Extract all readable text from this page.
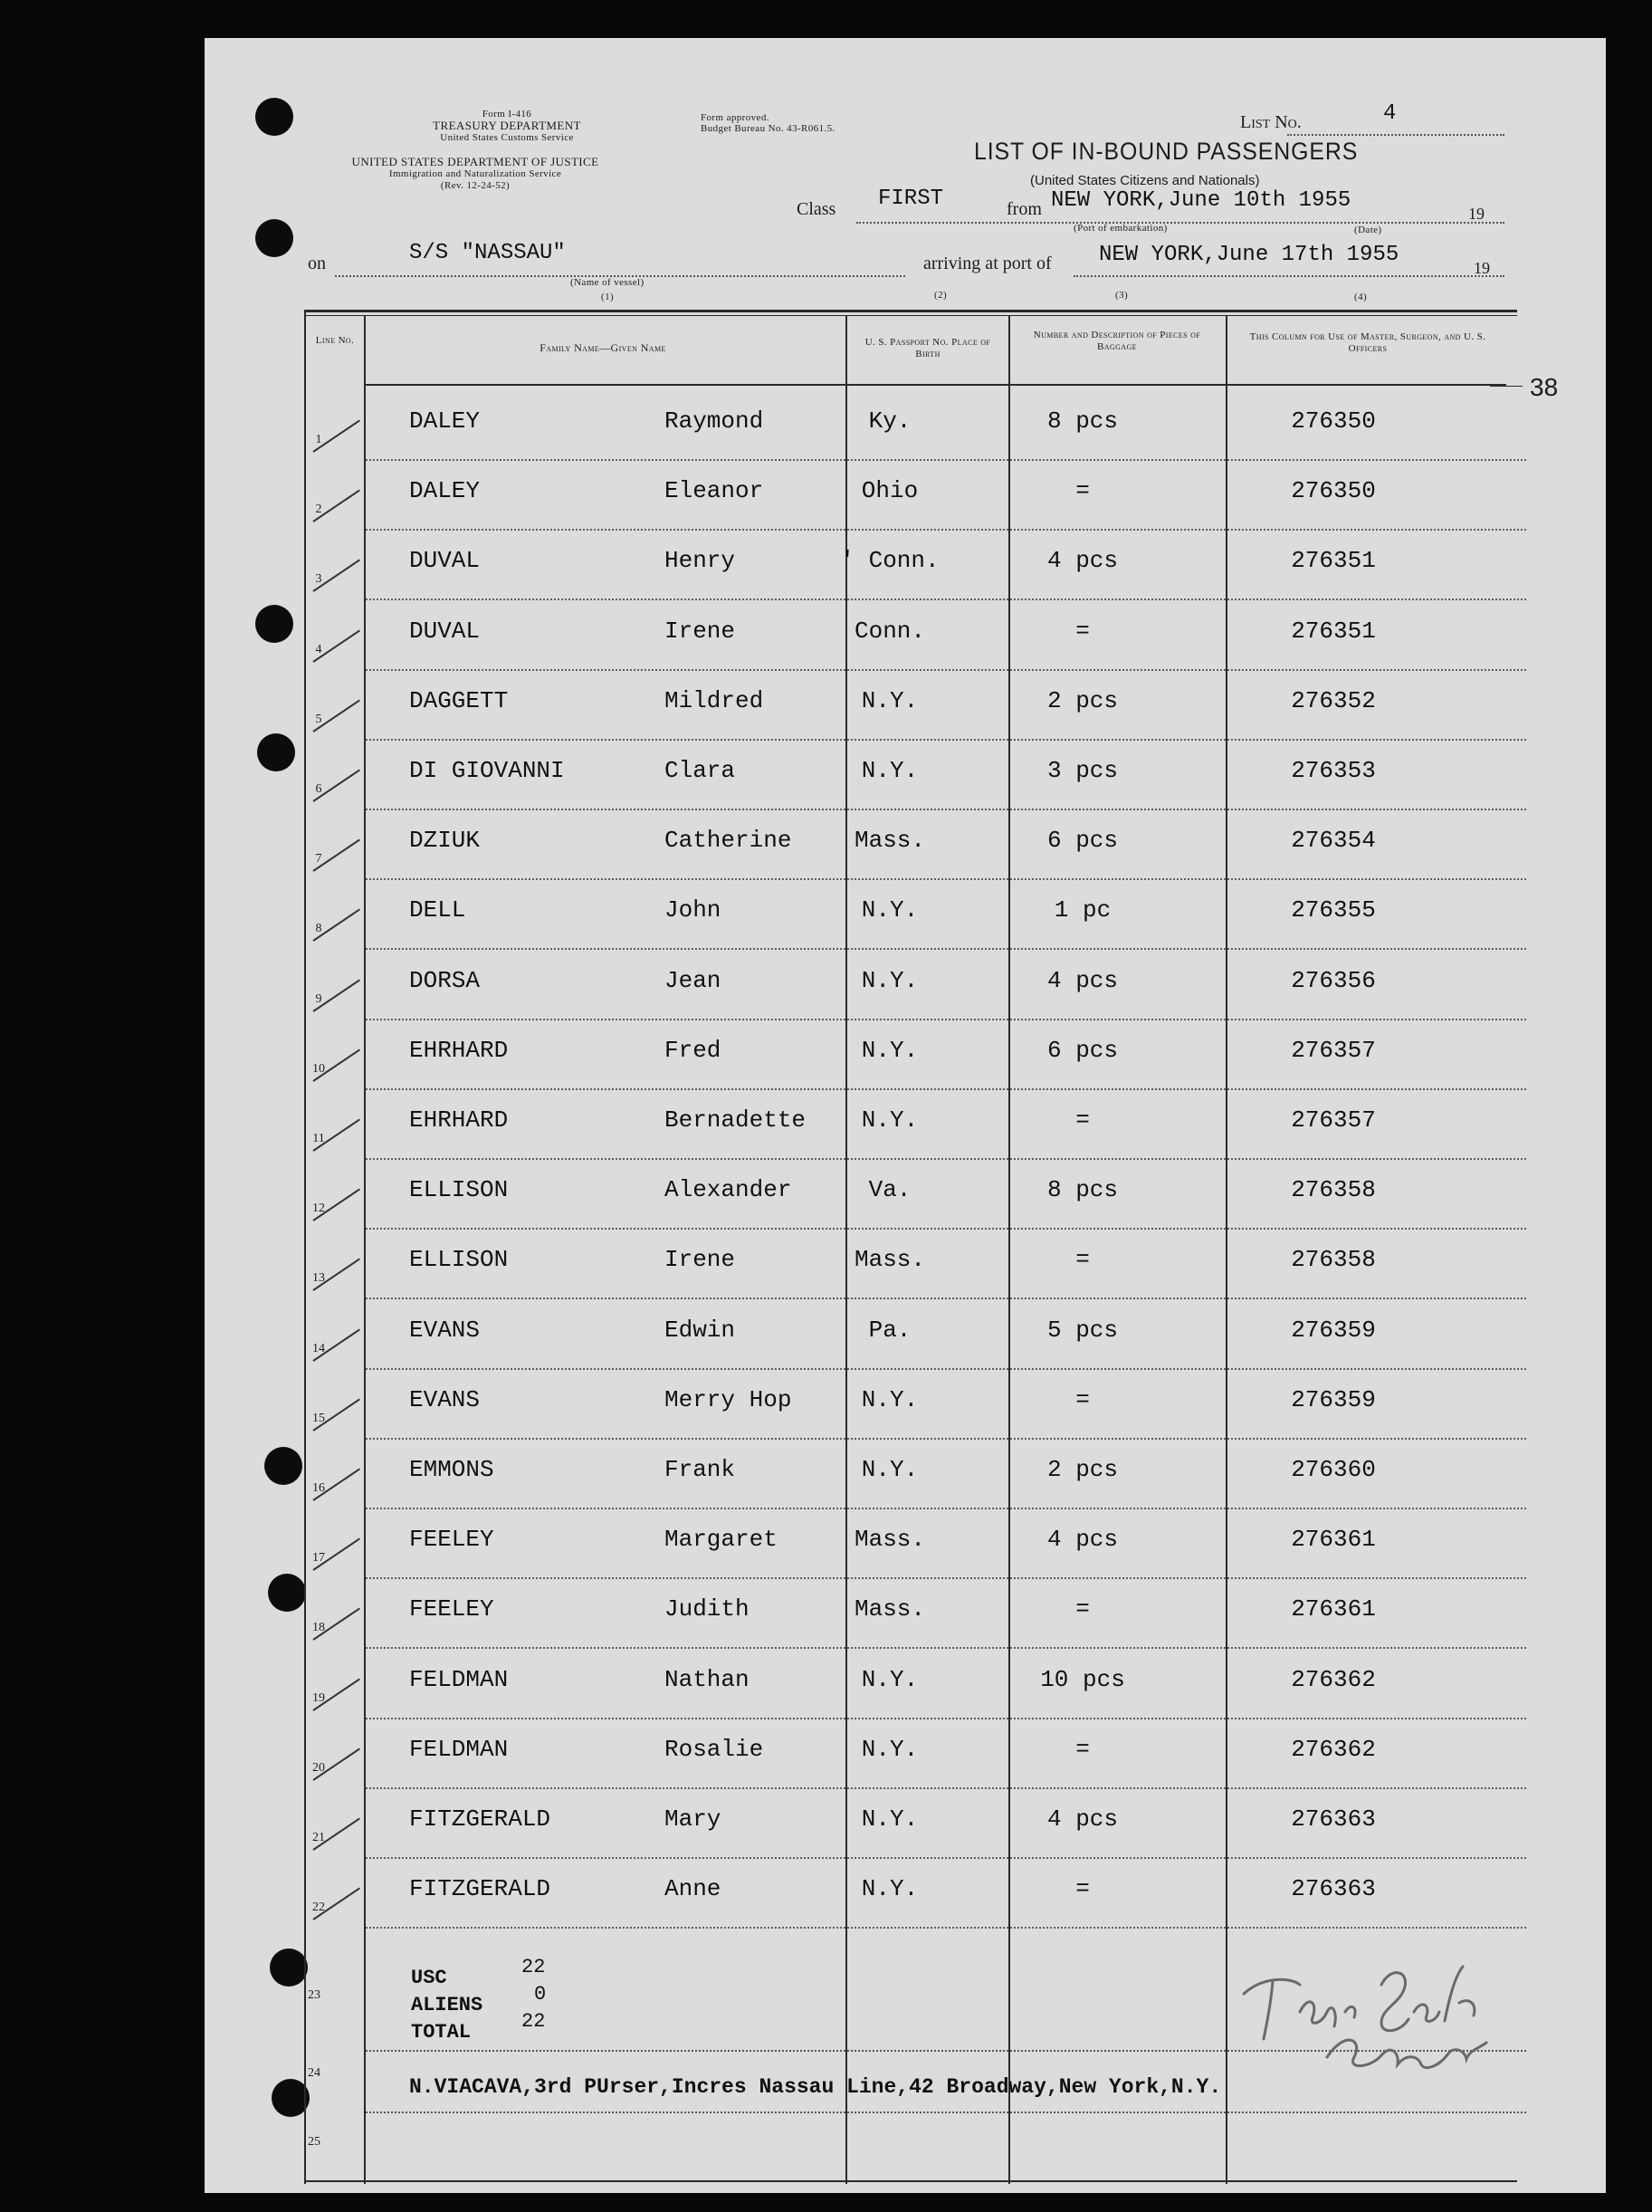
Form I-416
TREASURY DEPARTMENT
United States Customs Service
UNITED STATES DEPARTMENT OF JUSTICE
Immigration and Naturalization Service
(Rev. 12-24-52)
Form approved.
Budget Bureau No. 43-R061.5.	List No.	4
LIST OF IN-BOUND PASSENGERS
(United States Citizens and Nationals)
Class FIRST	from NEW YORK,June 10th 1955
19
(Port of embarkation)	(Date)
on	S/S "NASSAU"
(Name of vessel)
(1)
arriving at port of NEW YORK,June 17th 1955
19
(2)	(3)	(4)
Line No.
Family Name—Given Name	U. S. Passport No. Place of Birth
Number and Description of Pieces of Baggage
This Column for Use of Master, Surgeon, and U. S. Officers
38
1
DALEY	Raymond	Ky.	8 pcs	276350
2
DALEY	Eleanor	Ohio	=	276350
3
DUVAL	Henry	' Conn.	4 pcs	276351
4
DUVAL	Irene	Conn.	=	276351
5
DAGGETT	Mildred	N.Y.	2 pcs	276352
6
DI GIOVANNI	Clara	N.Y.	3 pcs	276353
7
DZIUK	Catherine	Mass.	6 pcs	276354
8
DELL	John	N.Y.	1 pc	276355
9
DORSA	Jean	N.Y.	4 pcs	276356
10
EHRHARD	Fred	N.Y.	6 pcs	276357
11
EHRHARD	Bernadette	N.Y.	=	276357
12
ELLISON	Alexander	Va.	8 pcs	276358
13
ELLISON	Irene	Mass.	=	276358
14
EVANS	Edwin	Pa.	5 pcs	276359
15
EVANS	Merry Hop	N.Y.	=	276359
16
EMMONS	Frank	N.Y.	2 pcs	276360
17
FEELEY	Margaret	Mass.	4 pcs	276361
18
FEELEY	Judith	Mass.	=	276361
19
FELDMAN	Nathan	N.Y.	10 pcs	276362
20
FELDMAN	Rosalie	N.Y.	=	276362
21
FITZGERALD	Mary	N.Y.	4 pcs	276363
22
FITZGERALD	Anne	N.Y.	=	276363
23
24
25
USC	22
ALIENS	0
TOTAL	22
N.VIACAVA,3rd PUrser,Incres Nassau Line,42 Broadway,New York,N.Y.
